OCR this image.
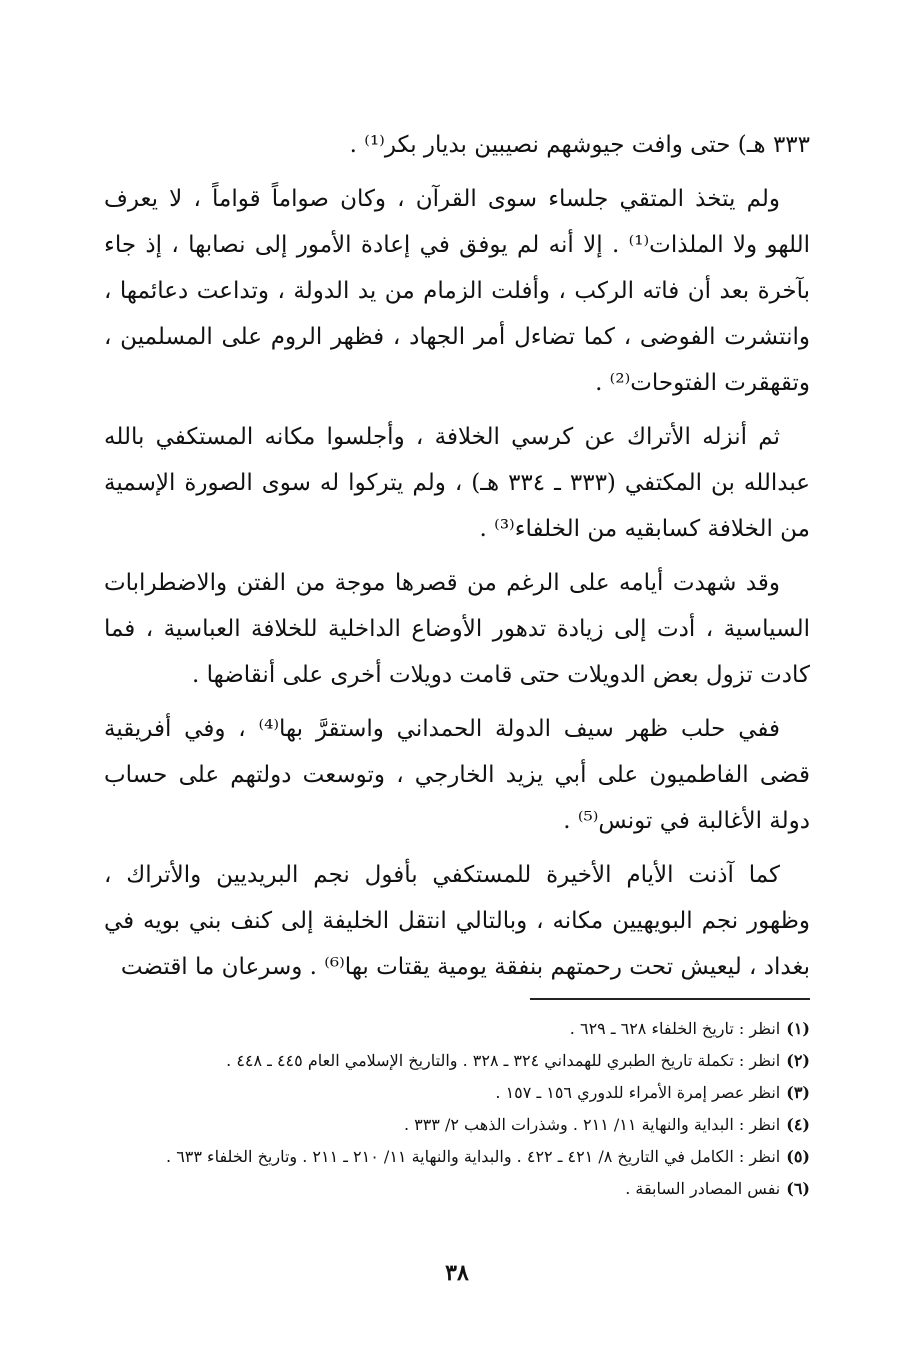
٣٣٣ هـ) حتى وافت جيوشهم نصيبين بديار بكر⁽¹⁾ .

ولم يتخذ المتقي جلساء سوى القرآن ، وكان صواماً قواماً ، لا يعرف اللهو ولا الملذات⁽¹⁾ . إلا أنه لم يوفق في إعادة الأمور إلى نصابها ، إذ جاء بآخرة بعد أن فاته الركب ، وأفلت الزمام من يد الدولة ، وتداعت دعائمها ، وانتشرت الفوضى ، كما تضاءل أمر الجهاد ، فظهر الروم على المسلمين ، وتقهقرت الفتوحات⁽²⁾ .

ثم أنزله الأتراك عن كرسي الخلافة ، وأجلسوا مكانه المستكفي بالله عبدالله بن المكتفي (٣٣٣ ـ ٣٣٤ هـ) ، ولم يتركوا له سوى الصورة الإسمية من الخلافة كسابقيه من الخلفاء⁽³⁾ .

وقد شهدت أيامه على الرغم من قصرها موجة من الفتن والاضطرابات السياسية ، أدت إلى زيادة تدهور الأوضاع الداخلية للخلافة العباسية ، فما كادت تزول بعض الدويلات حتى قامت دويلات أخرى على أنقاضها .

ففي حلب ظهر سيف الدولة الحمداني واستقرَّ بها⁽⁴⁾ ، وفي أفريقية قضى الفاطميون على أبي يزيد الخارجي ، وتوسعت دولتهم على حساب دولة الأغالبة في تونس⁽⁵⁾ .

كما آذنت الأيام الأخيرة للمستكفي بأفول نجم البريديين والأتراك ، وظهور نجم البويهيين مكانه ، وبالتالي انتقل الخليفة إلى كنف بني بويه في بغداد ، ليعيش تحت رحمتهم بنفقة يومية يقتات بها⁽⁶⁾ . وسرعان ما اقتضت

(١)انظر : تاريخ الخلفاء ٦٢٨ ـ ٦٢٩ .
(٢)انظر : تكملة تاريخ الطبري للهمداني ٣٢٤ ـ ٣٢٨ . والتاريخ الإسلامي العام ٤٤٥ ـ ٤٤٨ .
(٣)انظر عصر إمرة الأمراء للدوري ١٥٦ ـ ١٥٧ .
(٤)انظر : البداية والنهاية ١١/ ٢١١ . وشذرات الذهب ٢/ ٣٣٣ .
(٥)انظر : الكامل في التاريخ ٨/ ٤٢١ ـ ٤٢٢ . والبداية والنهاية ١١/ ٢١٠ ـ ٢١١ . وتاريخ الخلفاء ٦٣٣ .
(٦)نفس المصادر السابقة .
٣٨
